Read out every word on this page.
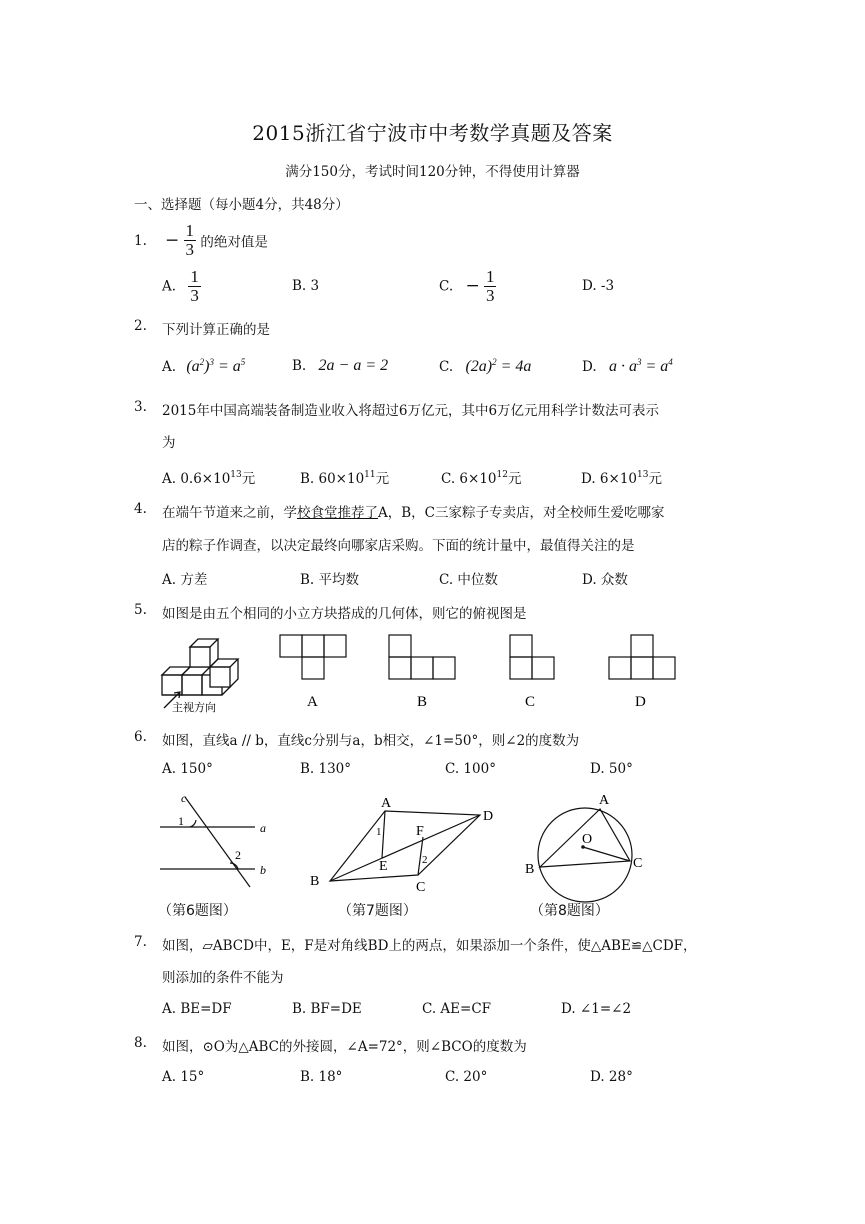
2015浙江省宁波市中考数学真题及答案
满分150分，考试时间120分钟，不得使用计算器
一、选择题（每小题4分，共48分）
1. − $\frac{1}{3}$ 的绝对值是
A. $\frac{1}{3}$	B. 3	C. − $\frac{1}{3}$	D. -3
2. 下列计算正确的是
A. $(a^2)^3 = a^5$	B. 2a − a = 2	C. $(2a)^2 = 4a$	D. $a \cdot a^3 = a^4$
3. 2015年中国高端装备制造业收入将超过6万亿元，其中6万亿元用科学计数法可表示
为
A. $0.6\times 10^{13}$元	B. $60\times 10^{11}$元	C. $6\times 10^{12}$元	D. $6\times 10^{13}$元
4. 在端午节道来之前，学校食堂推荐了A，B，C三家粽子专卖店，对全校师生爱吃哪家
店的粽子作调查，以决定最终向哪家店采购。下面的统计量中，最值得关注的是
A. 方差	B. 平均数	C. 中位数	D. 众数
5. 如图是由五个相同的小立方块搭成的几何体，则它的俯视图是
主视方向	A	B	C	D
6. 如图，直线a // b，直线c分别与a，b相交，∠1=50°，则∠2的度数为
A. 150°	B. 130°	C. 100°	D. 50°
c
1
2
a
b
A
D
B	C
F
E
1
2
A
B	C
O
（第6题图）	（第7题图）	（第8题图）
7. 如图，▱ABCD中，E，F是对角线BD上的两点，如果添加一个条件，使△ABE≌△CDF，
则添加的条件不能为
A. BE=DF	B. BF=DE	C. AE=CF	D. ∠1=∠2
8. 如图，⊙O为△ABC的外接圆，∠A=72°，则∠BCO的度数为
A. 15°	B. 18°	C. 20°	D. 28°
